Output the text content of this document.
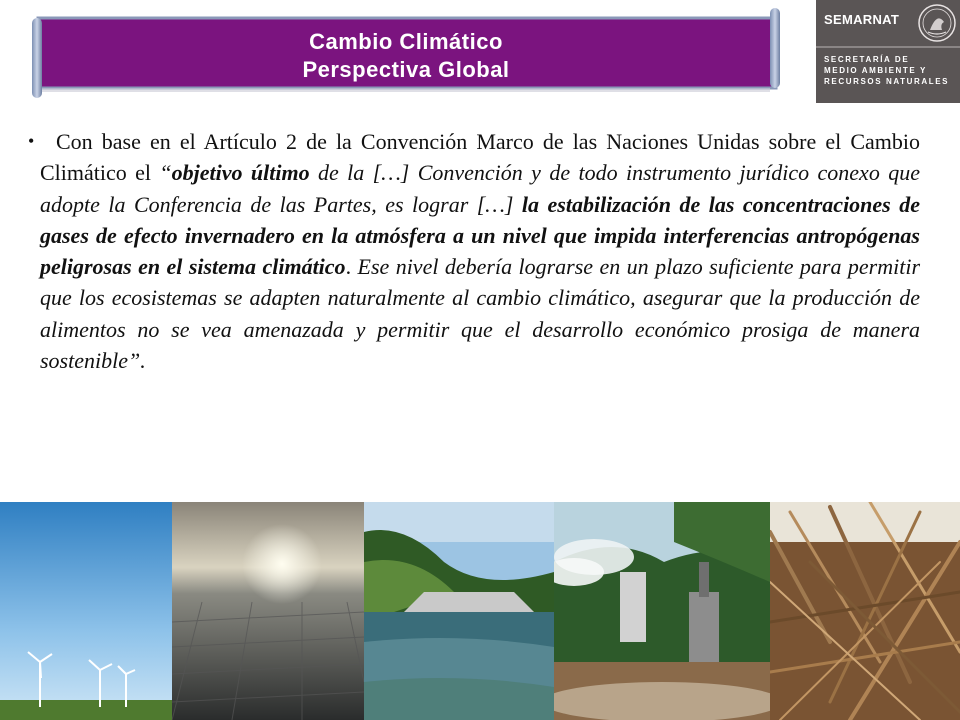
Cambio Climático
Perspectiva Global
SEMARNAT
SECRETARÍA DE
MEDIO AMBIENTE Y
RECURSOS NATURALES
• Con base en el Artículo 2 de la Convención Marco de las Naciones Unidas sobre el Cambio Climático el “objetivo último de la […] Convención y de todo instrumento jurídico conexo que adopte la Conferencia de las Partes, es lograr […] la estabilización de las concentraciones de gases de efecto invernadero en la atmósfera a un nivel que impida interferencias antropógenas peligrosas en el sistema climático. Ese nivel debería lograrse en un plazo suficiente para permitir que los ecosistemas se adapten naturalmente al cambio climático, asegurar que la producción de alimentos no se vea amenazada y permitir que el desarrollo económico prosiga de manera sostenible”.
